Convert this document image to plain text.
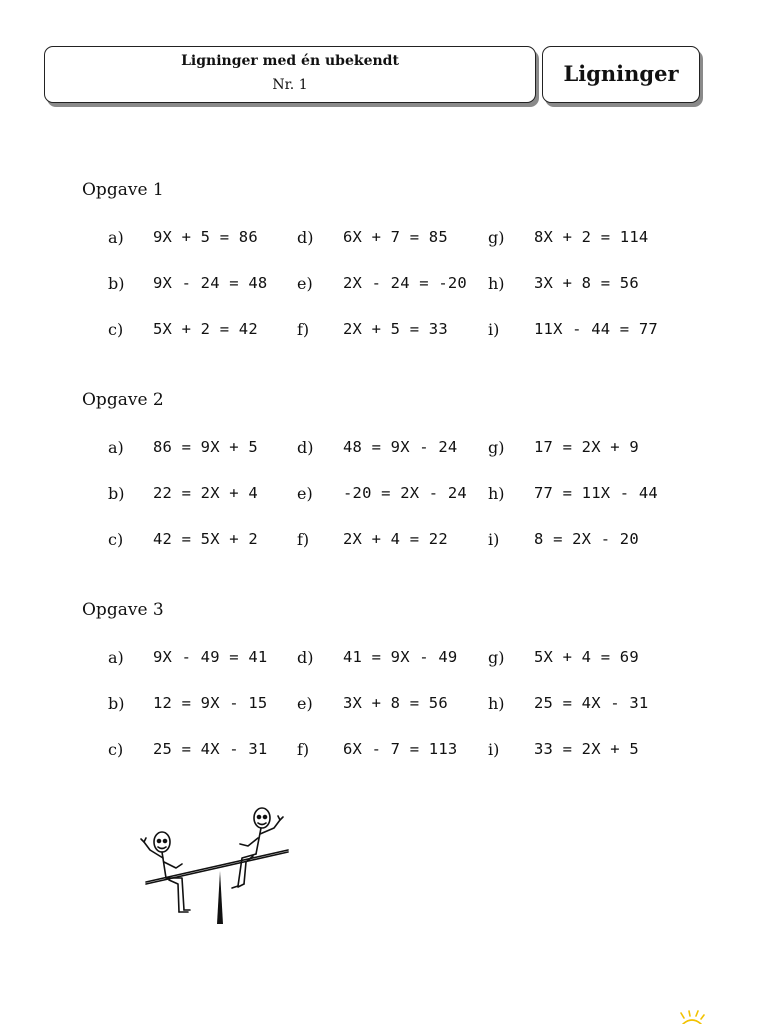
Ligninger med én ubekendt
Nr. 1	Ligninger
Opgave 1
a) 9X + 5 = 86 d) 6X + 7 = 85	g) 8X + 2 = 114
b) 9X - 24 = 48 e) 2X - 24 = -20 h) 3X + 8 = 56
c) 5X + 2 = 42 f) 2X + 5 = 33	i) 11X - 44 = 77
Opgave 2
a) 86 = 9X + 5 d) 48 = 9X - 24 g) 17 = 2X + 9
b) 22 = 2X + 4 e) -20 = 2X - 24 h) 77 = 11X - 44
c) 42 = 5X + 2 f) 2X + 4 = 22	i) 8 = 2X - 20
Opgave 3
a) 9X - 49 = 41 d) 41 = 9X - 49 g) 5X + 4 = 69
b) 12 = 9X - 15 e) 3X + 8 = 56	h) 25 = 4X - 31
c) 25 = 4X - 31 f) 6X - 7 = 113 i) 33 = 2X + 5
